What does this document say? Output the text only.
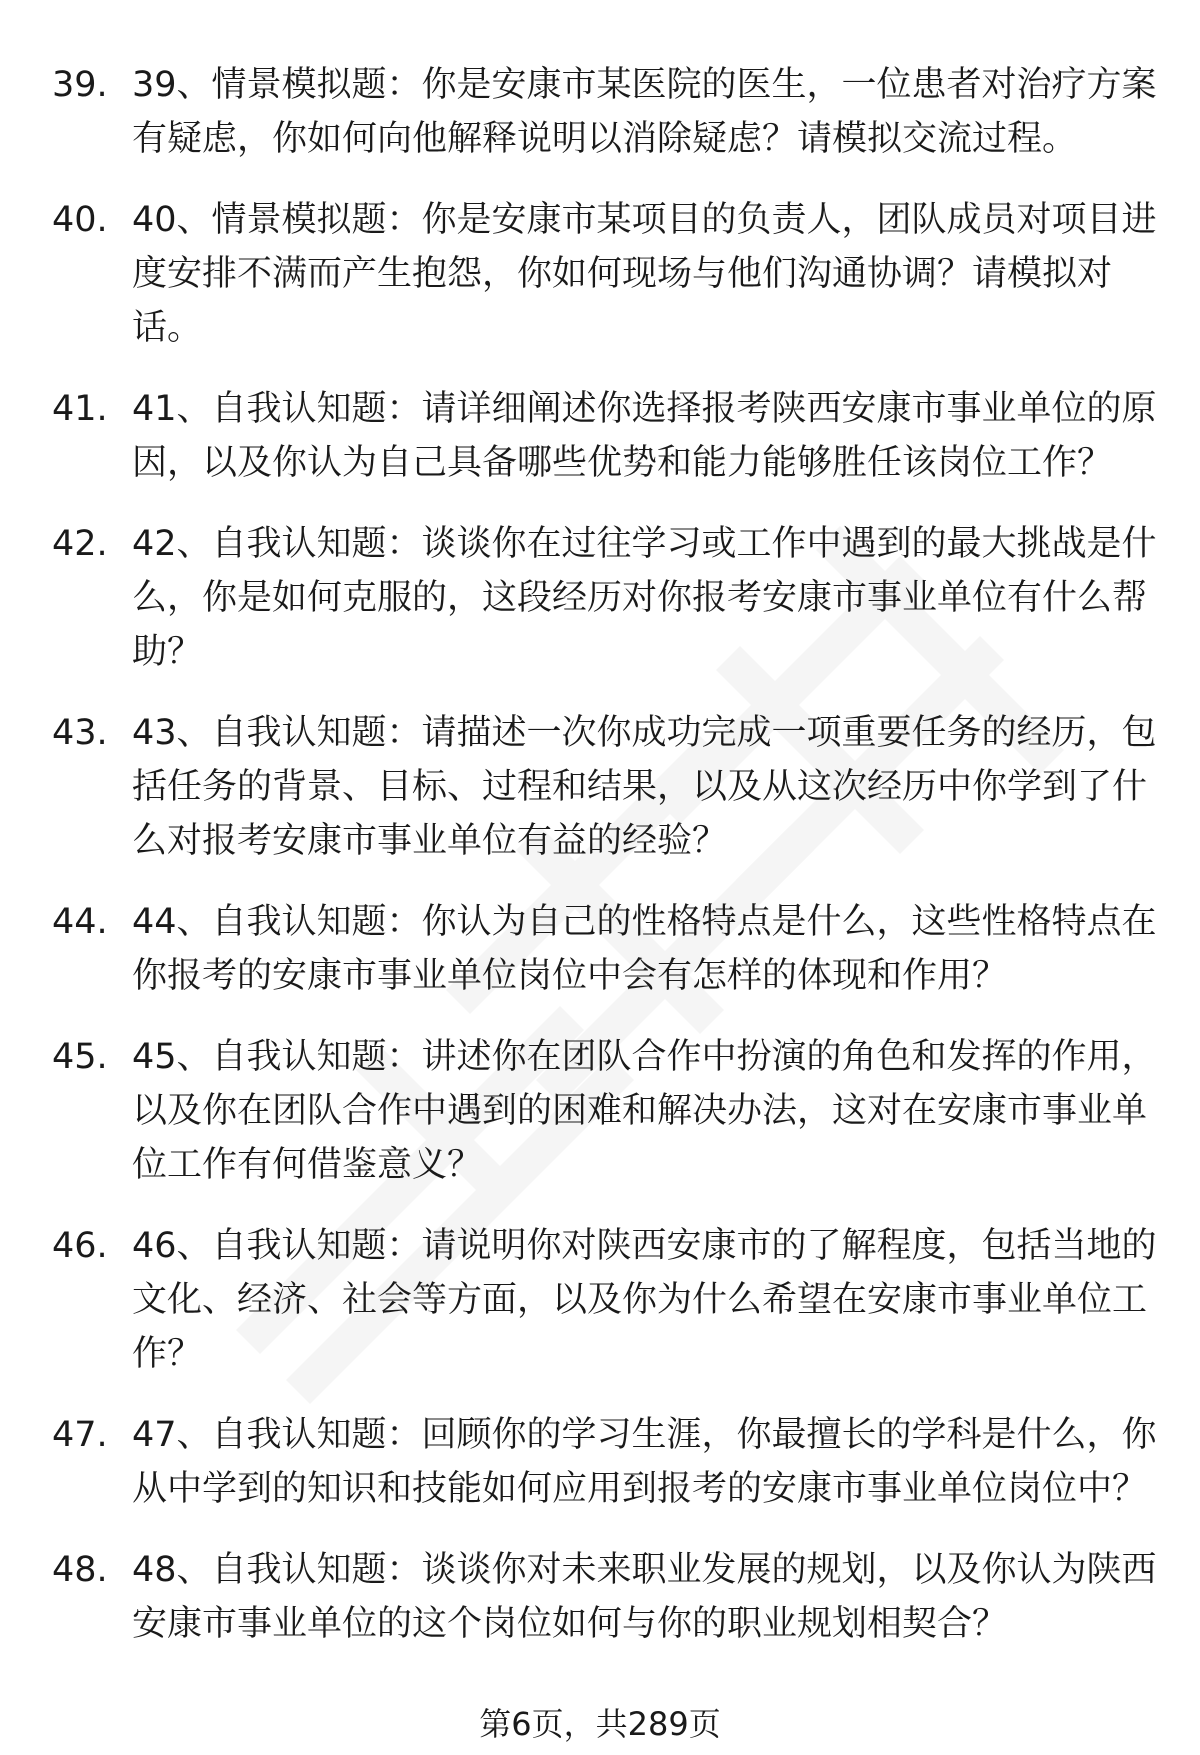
39. 39、情景模拟题：你是安康市某医院的医生，一位患者对治疗方案有疑虑，你如何向他解释说明以消除疑虑？请模拟交流过程。
40. 40、情景模拟题：你是安康市某项目的负责人，团队成员对项目进度安排不满而产生抱怨，你如何现场与他们沟通协调？请模拟对话。
41. 41、自我认知题：请详细阐述你选择报考陕西安康市事业单位的原因，以及你认为自己具备哪些优势和能力能够胜任该岗位工作？
42. 42、自我认知题：谈谈你在过往学习或工作中遇到的最大挑战是什么，你是如何克服的，这段经历对你报考安康市事业单位有什么帮助？
43. 43、自我认知题：请描述一次你成功完成一项重要任务的经历，包括任务的背景、目标、过程和结果，以及从这次经历中你学到了什么对报考安康市事业单位有益的经验？
44. 44、自我认知题：你认为自己的性格特点是什么，这些性格特点在你报考的安康市事业单位岗位中会有怎样的体现和作用？
45. 45、自我认知题：讲述你在团队合作中扮演的角色和发挥的作用，以及你在团队合作中遇到的困难和解决办法，这对在安康市事业单位工作有何借鉴意义？
46. 46、自我认知题：请说明你对陕西安康市的了解程度，包括当地的文化、经济、社会等方面，以及你为什么希望在安康市事业单位工作？
47. 47、自我认知题：回顾你的学习生涯，你最擅长的学科是什么，你从中学到的知识和技能如何应用到报考的安康市事业单位岗位中？
48. 48、自我认知题：谈谈你对未来职业发展的规划，以及你认为陕西安康市事业单位的这个岗位如何与你的职业规划相契合？
第6页，共289页
